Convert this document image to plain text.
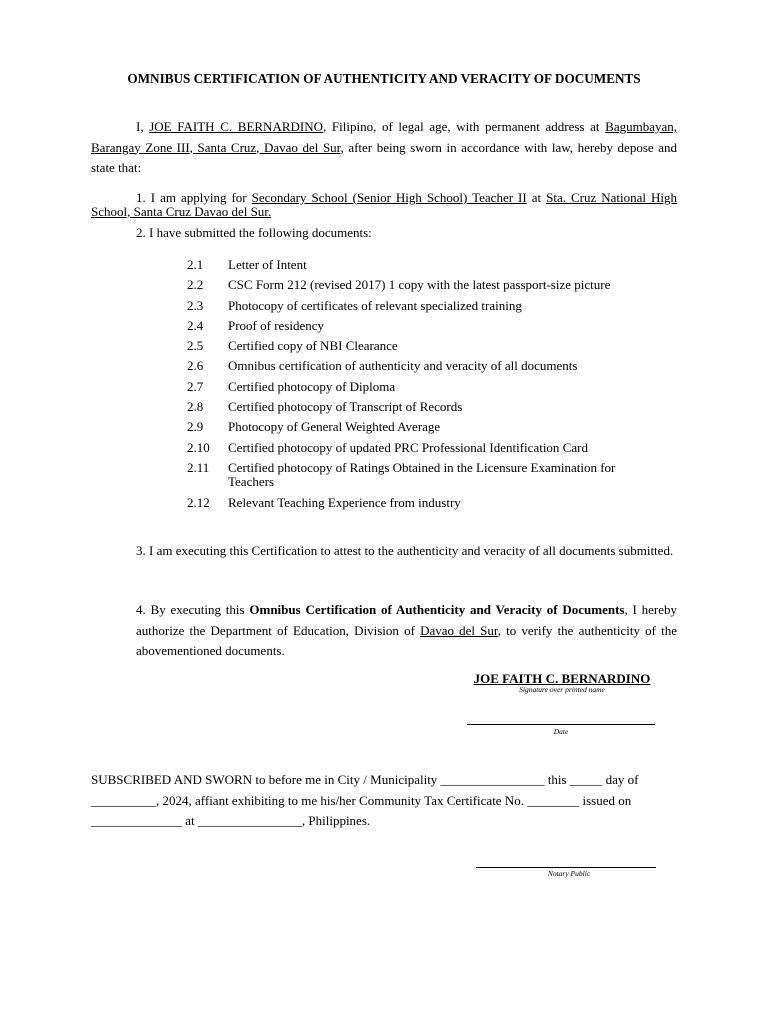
OMNIBUS CERTIFICATION OF AUTHENTICITY AND VERACITY OF DOCUMENTS
I, JOE FAITH C. BERNARDINO, Filipino, of legal age, with permanent address at Bagumbayan, Barangay Zone III, Santa Cruz, Davao del Sur, after being sworn in accordance with law, hereby depose and state that:
1. I am applying for Secondary School (Senior High School) Teacher II at Sta. Cruz National High School, Santa Cruz Davao del Sur.
2. I have submitted the following documents:
2.1	Letter of Intent
2.2	CSC Form 212 (revised 2017) 1 copy with the latest passport-size picture
2.3	Photocopy of certificates of relevant specialized training
2.4	Proof of residency
2.5	Certified copy of NBI Clearance
2.6	Omnibus certification of authenticity and veracity of all documents
2.7	Certified photocopy of Diploma
2.8	Certified photocopy of Transcript of Records
2.9	Photocopy of General Weighted Average
2.10	Certified photocopy of updated PRC Professional Identification Card
2.11	Certified photocopy of Ratings Obtained in the Licensure Examination for Teachers
2.12	Relevant Teaching Experience from industry
3. I am executing this Certification to attest to the authenticity and veracity of all documents submitted.
4. By executing this Omnibus Certification of Authenticity and Veracity of Documents, I hereby authorize the Department of Education, Division of Davao del Sur, to verify the authenticity of the abovementioned documents.
JOE FAITH C. BERNARDINO
Signature over printed name
Date
SUBSCRIBED AND SWORN to before me in City / Municipality ________________ this _____ day of
__________, 2024, affiant exhibiting to me his/her Community Tax Certificate No. ________ issued on
______________ at ________________, Philippines.
Notary Public
